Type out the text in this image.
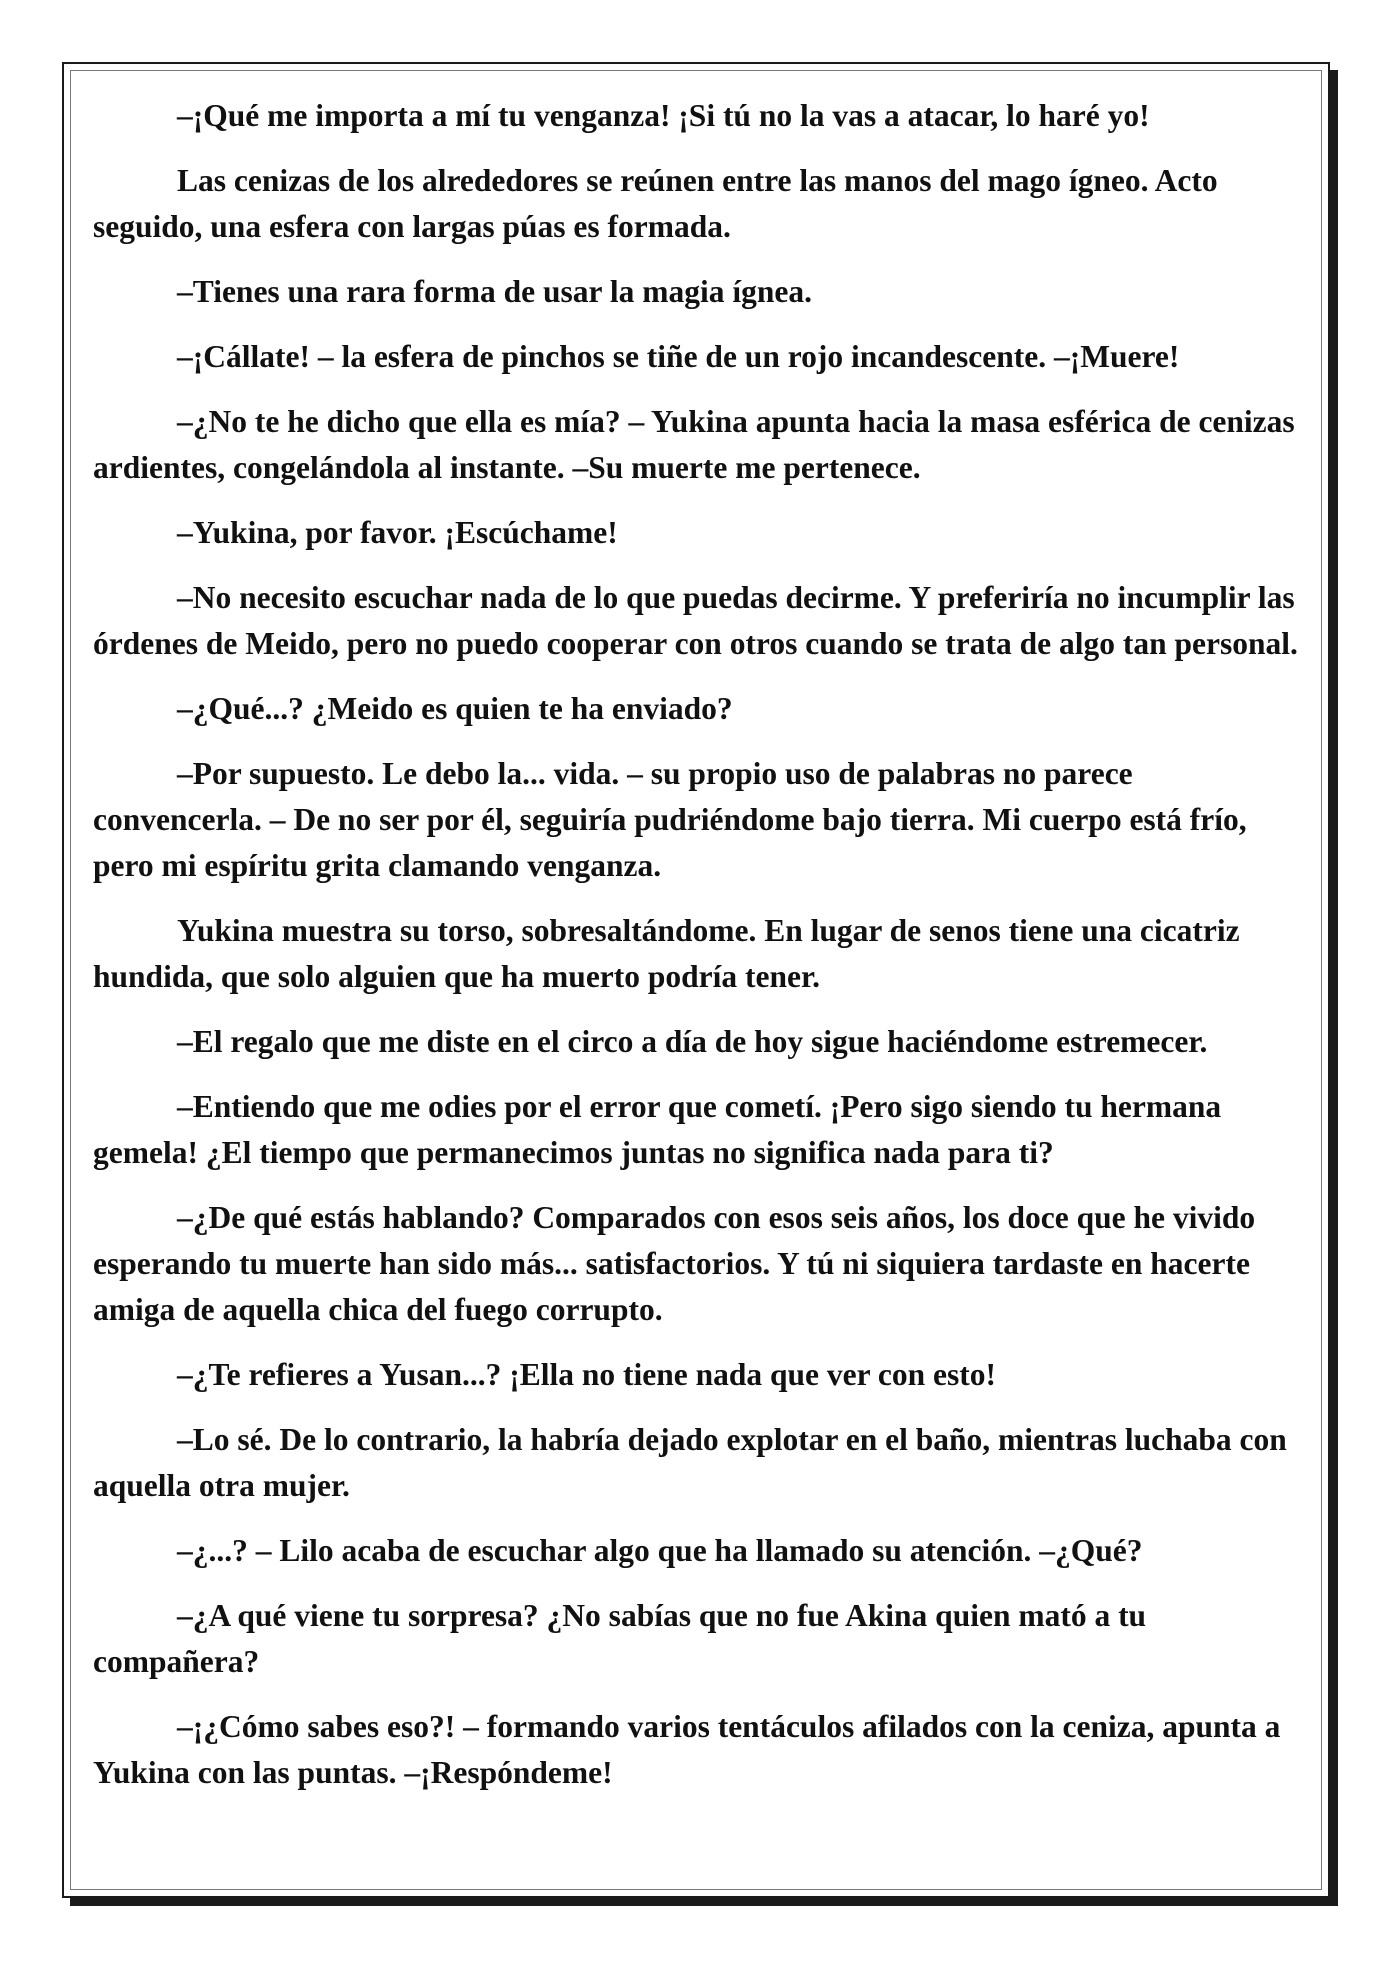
–¡Qué me importa a mí tu venganza! ¡Si tú no la vas a atacar, lo haré yo!

Las cenizas de los alrededores se reúnen entre las manos del mago ígneo. Acto seguido, una esfera con largas púas es formada.

–Tienes una rara forma de usar la magia ígnea.

–¡Cállate! – la esfera de pinchos se tiñe de un rojo incandescente. –¡Muere!

–¿No te he dicho que ella es mía? – Yukina apunta hacia la masa esférica de cenizas ardientes, congelándola al instante. –Su muerte me pertenece.

–Yukina, por favor. ¡Escúchame!

–No necesito escuchar nada de lo que puedas decirme. Y preferiría no incumplir las órdenes de Meido, pero no puedo cooperar con otros cuando se trata de algo tan personal.

–¿Qué...? ¿Meido es quien te ha enviado?

–Por supuesto. Le debo la... vida. – su propio uso de palabras no parece convencerla. – De no ser por él, seguiría pudriéndome bajo tierra. Mi cuerpo está frío, pero mi espíritu grita clamando venganza.

Yukina muestra su torso, sobresaltándome. En lugar de senos tiene una cicatriz hundida, que solo alguien que ha muerto podría tener.

–El regalo que me diste en el circo a día de hoy sigue haciéndome estremecer.

–Entiendo que me odies por el error que cometí. ¡Pero sigo siendo tu hermana gemela! ¿El tiempo que permanecimos juntas no significa nada para ti?

–¿De qué estás hablando? Comparados con esos seis años, los doce que he vivido esperando tu muerte han sido más... satisfactorios. Y tú ni siquiera tardaste en hacerte amiga de aquella chica del fuego corrupto.

–¿Te refieres a Yusan...? ¡Ella no tiene nada que ver con esto!

–Lo sé. De lo contrario, la habría dejado explotar en el baño, mientras luchaba con aquella otra mujer.

–¿...? – Lilo acaba de escuchar algo que ha llamado su atención. –¿Qué?

–¿A qué viene tu sorpresa? ¿No sabías que no fue Akina quien mató a tu compañera?

–¡¿Cómo sabes eso?! – formando varios tentáculos afilados con la ceniza, apunta a Yukina con las puntas. –¡Respóndeme!
